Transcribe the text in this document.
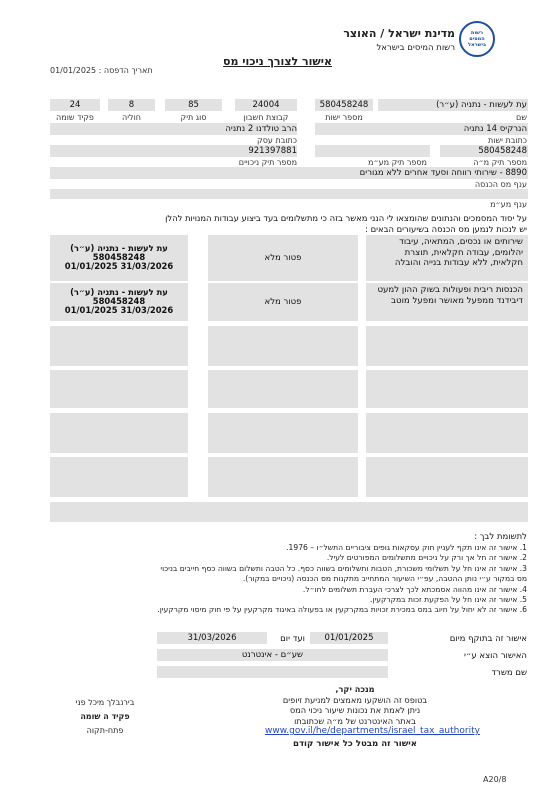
רשות
המסים
בישראל
מדינת ישראל / האוצר
רשות המיסים בישראל
אישור לצורך ניכוי מס
תאריך הדפסה : 01/01/2025
עת לעשות - נתניה (ע״ר)
580458248
24004
85
8
24
שם
מספר ישות
קבוצת חשבון
סוג תיק
חוליה
פקיד שומה
הנרקיס 14 נתניה
הרב טולדנו 2 נתניה
כתובת ישות
כתובת עסק
580458248
921397881
מספר תיק מ״ה
מספר תיק מע״מ
מספר תיק ניכויים
8890 - שירותי רווחה וסעד אחרים ללא מגורים
ענף מס הכנסה
ענף מע״מ
על יסוד המסמכים והנתונים שהומצאו לי הנני מאשר בזה כי מתשלומים בעד ביצוע עבודות המנויות להלן
יש לנכות לנמען מס הכנסה בשיעורים הבאים :
שירותים או נכסים, המתאיה, עיבוד יהלומים, עבודה חקלאית, תוצרת חקלאית, ללא עבודות בנייה והובלה
פטור מלא
עת לעשות - נתניה (ע״ר)
580458248
31/03/2026 01/01/2025
הכנסות ריבית ופעולות בשוק ההון למעט דיבידנד ממפעל מאושר ומפעל מוטב
פטור מלא
עת לעשות - נתניה (ע״ר)
580458248
31/03/2026 01/01/2025
לתשומת לבך :
1. אישור זה אינו תקף לעניין חוק עסקאות גופים ציבוריים התשל״ו – 1976.
2. אישור זה חל אך ורק על ניכויים מתשלומים המפורטים לעיל.
3. אישור זה אינו חל על תשלומי משכורת, הטבות ותשלומים בשווה כסף. כל הטבה ותשלום בשווה כסף חייבים בניכוי
מס במקור ע״י נותן ההטבה, עפ״י השיעור המתחייב מתקנות מס הכנסה (ניכויים במקור).
4. אישור זה אינו מהווה אסמכתא לכך לצרכי העברת תשלומים לחו״ל.
5. אישור זה אינו חל על הפקעת זכות במקרקעין.
6. אישור זה לא יחול על חיוב במס במכירת זכויות במקרקעין או בפעולה באיגוד מקרקעין על פי חוק מיסוי מקרקעין.
אישור זה בתוקף מיום
01/01/2025
ועד יום
31/03/2026
האישור הוצא ע״י
שע״ם - אינטרנט
שם משרד
מנכה יקר,
בטופס זה הושקעו מאמצים למניעת זיופים
ניתן לאמת את נכונות שיעור ניכוי המס
באתר האינטרנט של מ״ה שכתובתו
www.gov.il/he/departments/israel_tax_authority
אישור זה מבטל כל אישור קודם
בירנבלך מיכל פני
פקיד ה שומה
פתח-תקוה
A20/8
